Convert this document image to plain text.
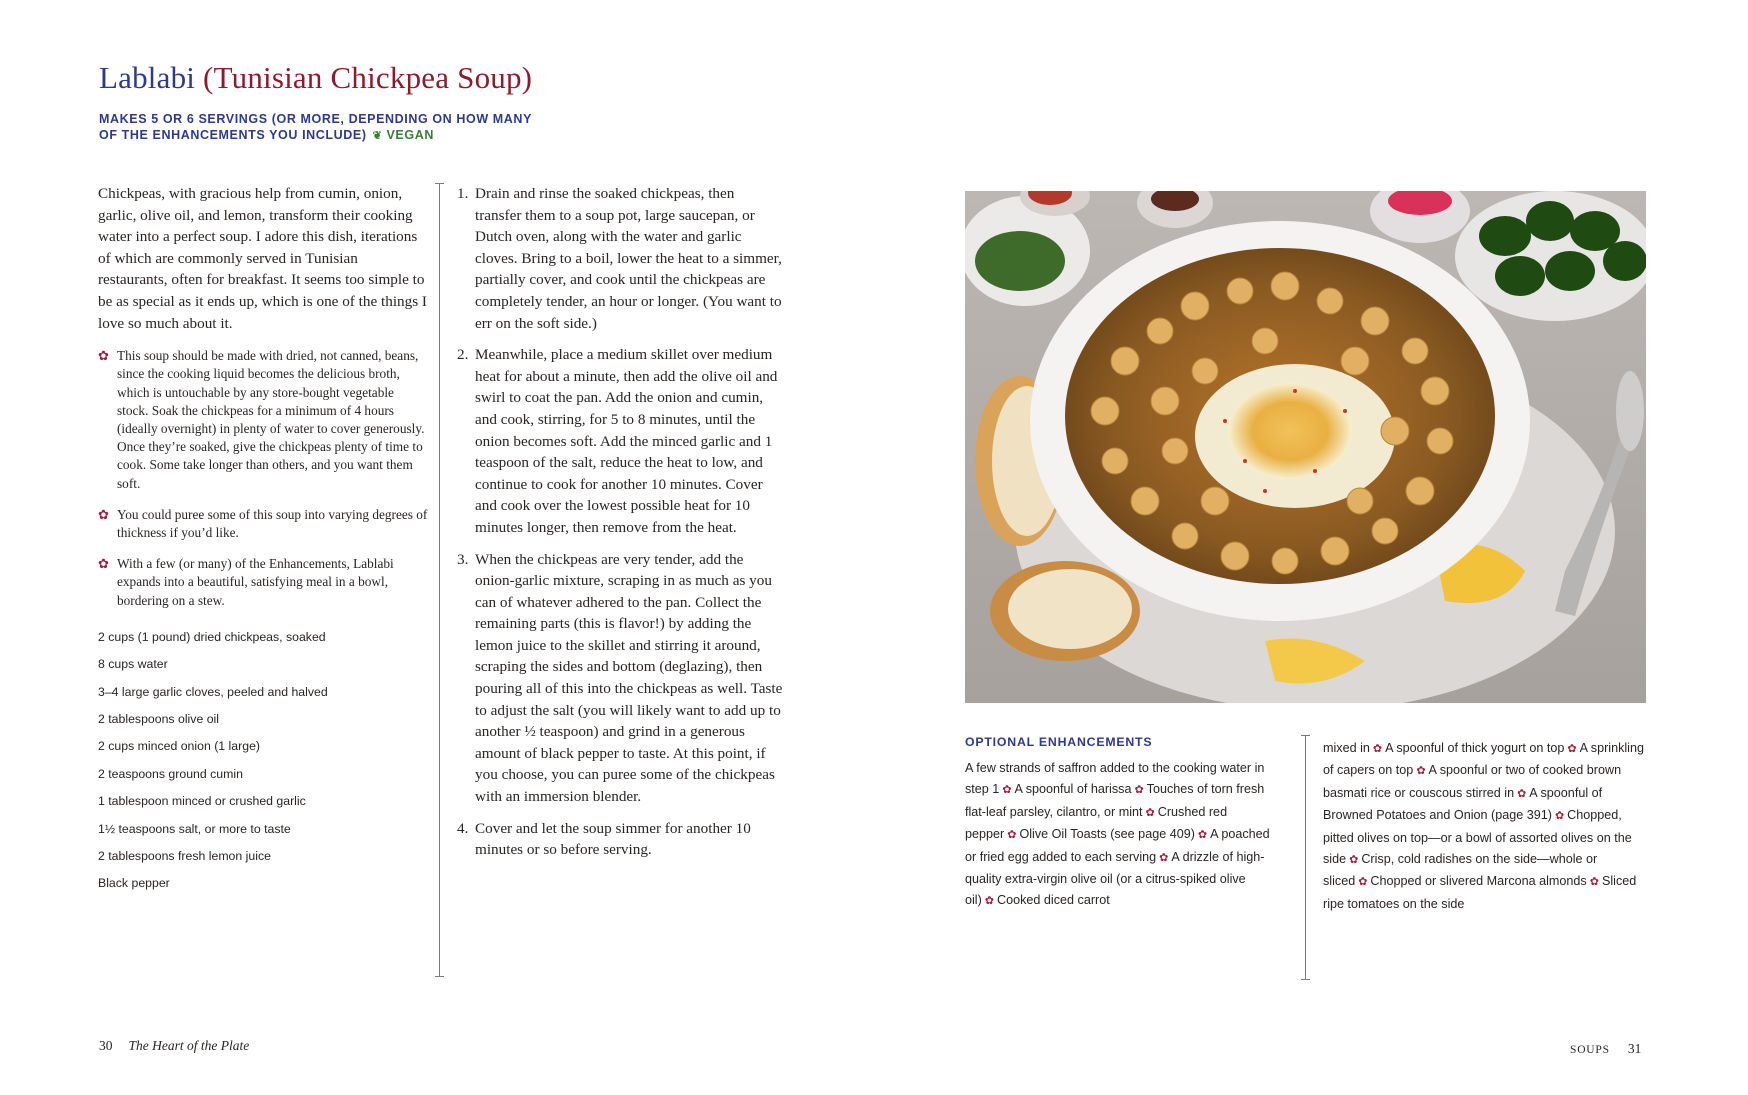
Lablabi (Tunisian Chickpea Soup)
MAKES 5 OR 6 SERVINGS (OR MORE, DEPENDING ON HOW MANY OF THE ENHANCEMENTS YOU INCLUDE) ❦ VEGAN

Chickpeas, with gracious help from cumin, onion, garlic, olive oil, and lemon, transform their cooking water into a perfect soup. I adore this dish, iterations of which are commonly served in Tunisian restaurants, often for breakfast. It seems too simple to be as special as it ends up, which is one of the things I love so much about it.

✿ This soup should be made with dried, not canned, beans, since the cooking liquid becomes the delicious broth, which is untouchable by any store-bought vegetable stock. Soak the chickpeas for a minimum of 4 hours (ideally overnight) in plenty of water to cover generously. Once they’re soaked, give the chickpeas plenty of time to cook. Some take longer than others, and you want them soft.
✿ You could puree some of this soup into varying degrees of thickness if you’d like.
✿ With a few (or many) of the Enhancements, Lablabi expands into a beautiful, satisfying meal in a bowl, bordering on a stew.
2 cups (1 pound) dried chickpeas, soaked
8 cups water
3–4 large garlic cloves, peeled and halved
2 tablespoons olive oil
2 cups minced onion (1 large)
2 teaspoons ground cumin
1 tablespoon minced or crushed garlic
1½ teaspoons salt, or more to taste
2 tablespoons fresh lemon juice
Black pepper
1. Drain and rinse the soaked chickpeas, then transfer them to a soup pot, large saucepan, or Dutch oven, along with the water and garlic cloves. Bring to a boil, lower the heat to a simmer, partially cover, and cook until the chickpeas are completely tender, an hour or longer. (You want to err on the soft side.)
2. Meanwhile, place a medium skillet over medium heat for about a minute, then add the olive oil and swirl to coat the pan. Add the onion and cumin, and cook, stirring, for 5 to 8 minutes, until the onion becomes soft. Add the minced garlic and 1 teaspoon of the salt, reduce the heat to low, and continue to cook for another 10 minutes. Cover and cook over the lowest possible heat for 10 minutes longer, then remove from the heat.
3. When the chickpeas are very tender, add the onion-garlic mixture, scraping in as much as you can of whatever adhered to the pan. Collect the remaining parts (this is flavor!) by adding the lemon juice to the skillet and stirring it around, scraping the sides and bottom (deglazing), then pouring all of this into the chickpeas as well. Taste to adjust the salt (you will likely want to add up to another ½ teaspoon) and grind in a generous amount of black pepper to taste. At this point, if you choose, you can puree some of the chickpeas with an immersion blender.
4. Cover and let the soup simmer for another 10 minutes or so before serving.
OPTIONAL ENHANCEMENTS
A few strands of saffron added to the cooking water in step 1 ✿ A spoonful of harissa ✿ Touches of torn fresh flat-leaf parsley, cilantro, or mint ✿ Crushed red pepper ✿ Olive Oil Toasts (see page 409) ✿ A poached or fried egg added to each serving ✿ A drizzle of high-quality extra-virgin olive oil (or a citrus-spiked olive oil) ✿ Cooked diced carrot
mixed in ✿ A spoonful of thick yogurt on top ✿ A sprinkling of capers on top ✿ A spoonful or two of cooked brown basmati rice or couscous stirred in ✿ A spoonful of Browned Potatoes and Onion (page 391) ✿ Chopped, pitted olives on top—or a bowl of assorted olives on the side ✿ Crisp, cold radishes on the side—whole or sliced ✿ Chopped or slivered Marcona almonds ✿ Sliced ripe tomatoes on the side
30 The Heart of the Plate	SOUPS 31
